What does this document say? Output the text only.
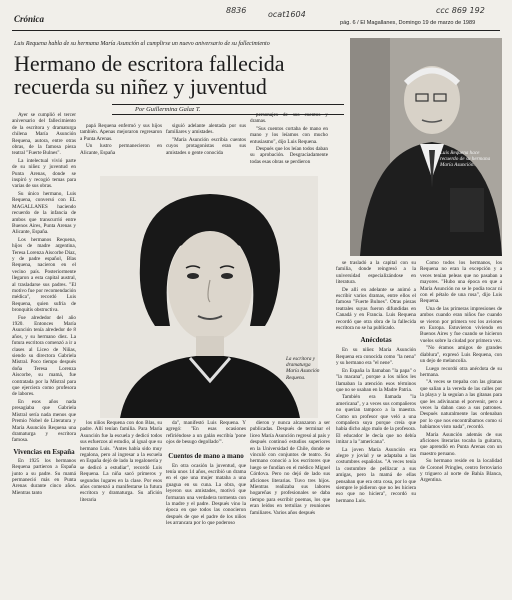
Crónica
8836	ocat1604	ccc 869 192
pág. 6 / El Magallanes, Domingo 19 de marzo de 1989
Luis Requena habla de su hermana María Asunción al cumplirse un nuevo aniversario de su fallecimiento
Hermano de escritora fallecida
recuerda su niñez y juventud
Por Guillermina Galaz T.

Ayer se cumplió el tercer aniversario del fallecimiento de la escritora y dramaturga chilena María Asunción Requena, autora, entre otras obras, de la famosa pieza teatral "Fuerte Bulnes".

La intelectual vivió parte de su niñez y juventud en Punta Arenas, donde se inspiró y recogió temas para varias de sus obras.

Su único hermano, Luis Requena, conversó con EL MAGALLANES haciendo recuerdo de la infancia de ambos que transcurrió entre Buenos Aires, Punta Arenas y Alicante, España.

Los hermanos Requena, hijos de madre argentina, Teresa Lorenza Aiscorbe Díaz, y de padre español, Blas Requena, nacieron en el vecino país. Posteriormente llegaron a esta capital austral, al trasladarse sus padres. "El motivo fue por recomendación médica", recordó Luis Requena, quien sufría de bronquitis obstructiva.

Fue alrededor del año 1920. Entonces María Asunción tenía alrededor de 8 años, y su hermano diez. La futura escritora comenzó a ir a clases al Liceo de Niñas, siendo su directora Gabriela Mistral. Poco tiempo después doña Teresa Lorenza Aiscorbe, su mamá, fue contratada por la Mistral para que ejerciera como profesora de labores.

En esos años nada presagiaba que Gabriela Mistral sería nada menos que Premio Nobel de Literatura y María Asunción Requena una dramaturga y escritora famosa.

Vivencias en España

En 1925 los hermanos Requena partieron a España junto a su padre. Su mamá permaneció más en Punta Arenas durante cinco años. Mientras tanto

papá Requena enfermó y sus hijos también. Apenas mejoraron regresaron a Punta Arenas.

Un lustro permanecieron en Alicante, España

siguió adelante alentada por sus familiares y amistades.

"María Asunción escribía cuentos cuyos protagonistas eran sus amistades o gente conocida

personajes de sus cuentos y dramas.

"Sus cuentos cortaba de mano en mano y los leíamos con mucho entusiasmo", dijo Luis Requena.

Después que los leían todos daban su aprobación. Desgraciadamente todas esas obras se perdieron

La escritora y dramaturga María Asunción Requena.

los niños Requena con don Blas, su padre. Allí tenían familia. Para María Asunción fue la escuela y dedicó todos sus esfuerzos al estudio, al igual que su hermano Luis. "Antes había sido muy regalona, pero al ingresar a la escuela en España dejó de lado la regalonería y se dedicó a estudiar", recordó Luis Requena. La niña sacó primeros y segundos lugares en la clase. Por esos años comenzó a manifestarse la futura escritora y dramaturga. Su afición literaria

da", manifestó Luis Requena. Y agregó: "En esas ocasiones refiriéndose a un galán escribía 'pone ojos de besugo degollado'".

Cuentos de mano a mano

En otra ocasión la juventud, que tenía unos 14 años, escribió un drama en el que una mujer mataba a una guagua en su cuna. La obra, que leyeron sus amistades, motivó que formaran una verdadera tormenta con la madre y el padre. Después vino la época en que todos las conocieron después de que el padre de los niños les arrancara por lo que poderoso

dieron y nunca alcanzaron a ser publicadas. Después de terminar el liceo María Asunción regresó al país y después continuó estudios superiores en la Universidad de Chile, donde se vinculó con conjuntos de teatro. Su hermano conoció a los escritores que luego se fundían en el médico Miguel Córdova. Pero no dejó de lado sus aficiones literarias. Tuvo tres hijos. Mientras realizaba sus labores hogareñas y profesionales se daba tiempo para escribir poemas, los que eran leídos en tertulias y reuniones familiares. Varios años después

Luis Requena hace recuerdo de su hermana María Asunción.

se trasladó a la capital con su familia, donde reingresó a la universidad especializándose en literatura.

De allí en adelante se animó a escribir varios dramas, entre ellos el famoso "Fuerte Bulnes". Otras piezas teatrales suyas fueron difundidas en Canadá y en Francia. Luis Requena recordó que otra obra de la fallecida escritora no se ha publicado.

Anécdotas

En su niñez María Asunción Requena era conocida como "la nena" y su hermano era "el nene".

En España la llamaban "la papa" o "la macana", porque a los niños les llamaban la atención esos términos que no se usaban en la Madre Patria.

También era llamada "la americana", y a veces sus compañeros no querían tampoco a la maestra. Como un profesor que veló a una compañera suya porque creía que había dicho algo malo de la profesora. El educador le decía que no debía imitar a la "americana".

La joven María Asunción era alegre y jovial y se adaptaba a las costumbres españolas. "A veces tenía la costumbre de pellizcar a sus amigas, pero la mamá de ellas pensaban que era otra cosa, por lo que siempre le pidieron que no les hiciera eso que no hiciera", recordó su hermano Luis.

Como todos los hermanos, los Requena no eran la excepción y a veces tenían peleas que no pasaban a mayores. "Hubo una época en que a María Asunción no se le podía tocar ni con el pétalo de una rosa", dijo Luis Requena.

Una de las primeras impresiones de ambos cuando eran niños fue cuando se vieron por primera vez los aviones en Europa. Estuvieron viviendo en Buenos Aires y fue cuando se hicieron vuelos sobre la ciudad por primera vez.

"No éramos amigos de grandes diablura", expresó Luis Requena, con un dejo de melancolía.

Luego recordó otra anécdota de su hermana.

"A veces se trepaba con las gitanas que salían a la vereda de las calles por la playa y la seguían a las gitanas para que les adivinaran el porvenir, pero a veces la daban caso a sus patrones. Después naturalmente las ordenaban por lo que nos encontrábamos como si habíamos visto nada", recordó.

María Asunción además de sus aficiones literarias tocaba la guitarra, que aprendió en Punta Arenas con un maestro peruano.

Su hermano reside en la localidad de Coronel Pringles, centro ferroviario y triguero al norte de Bahía Blanca, Argentina.
